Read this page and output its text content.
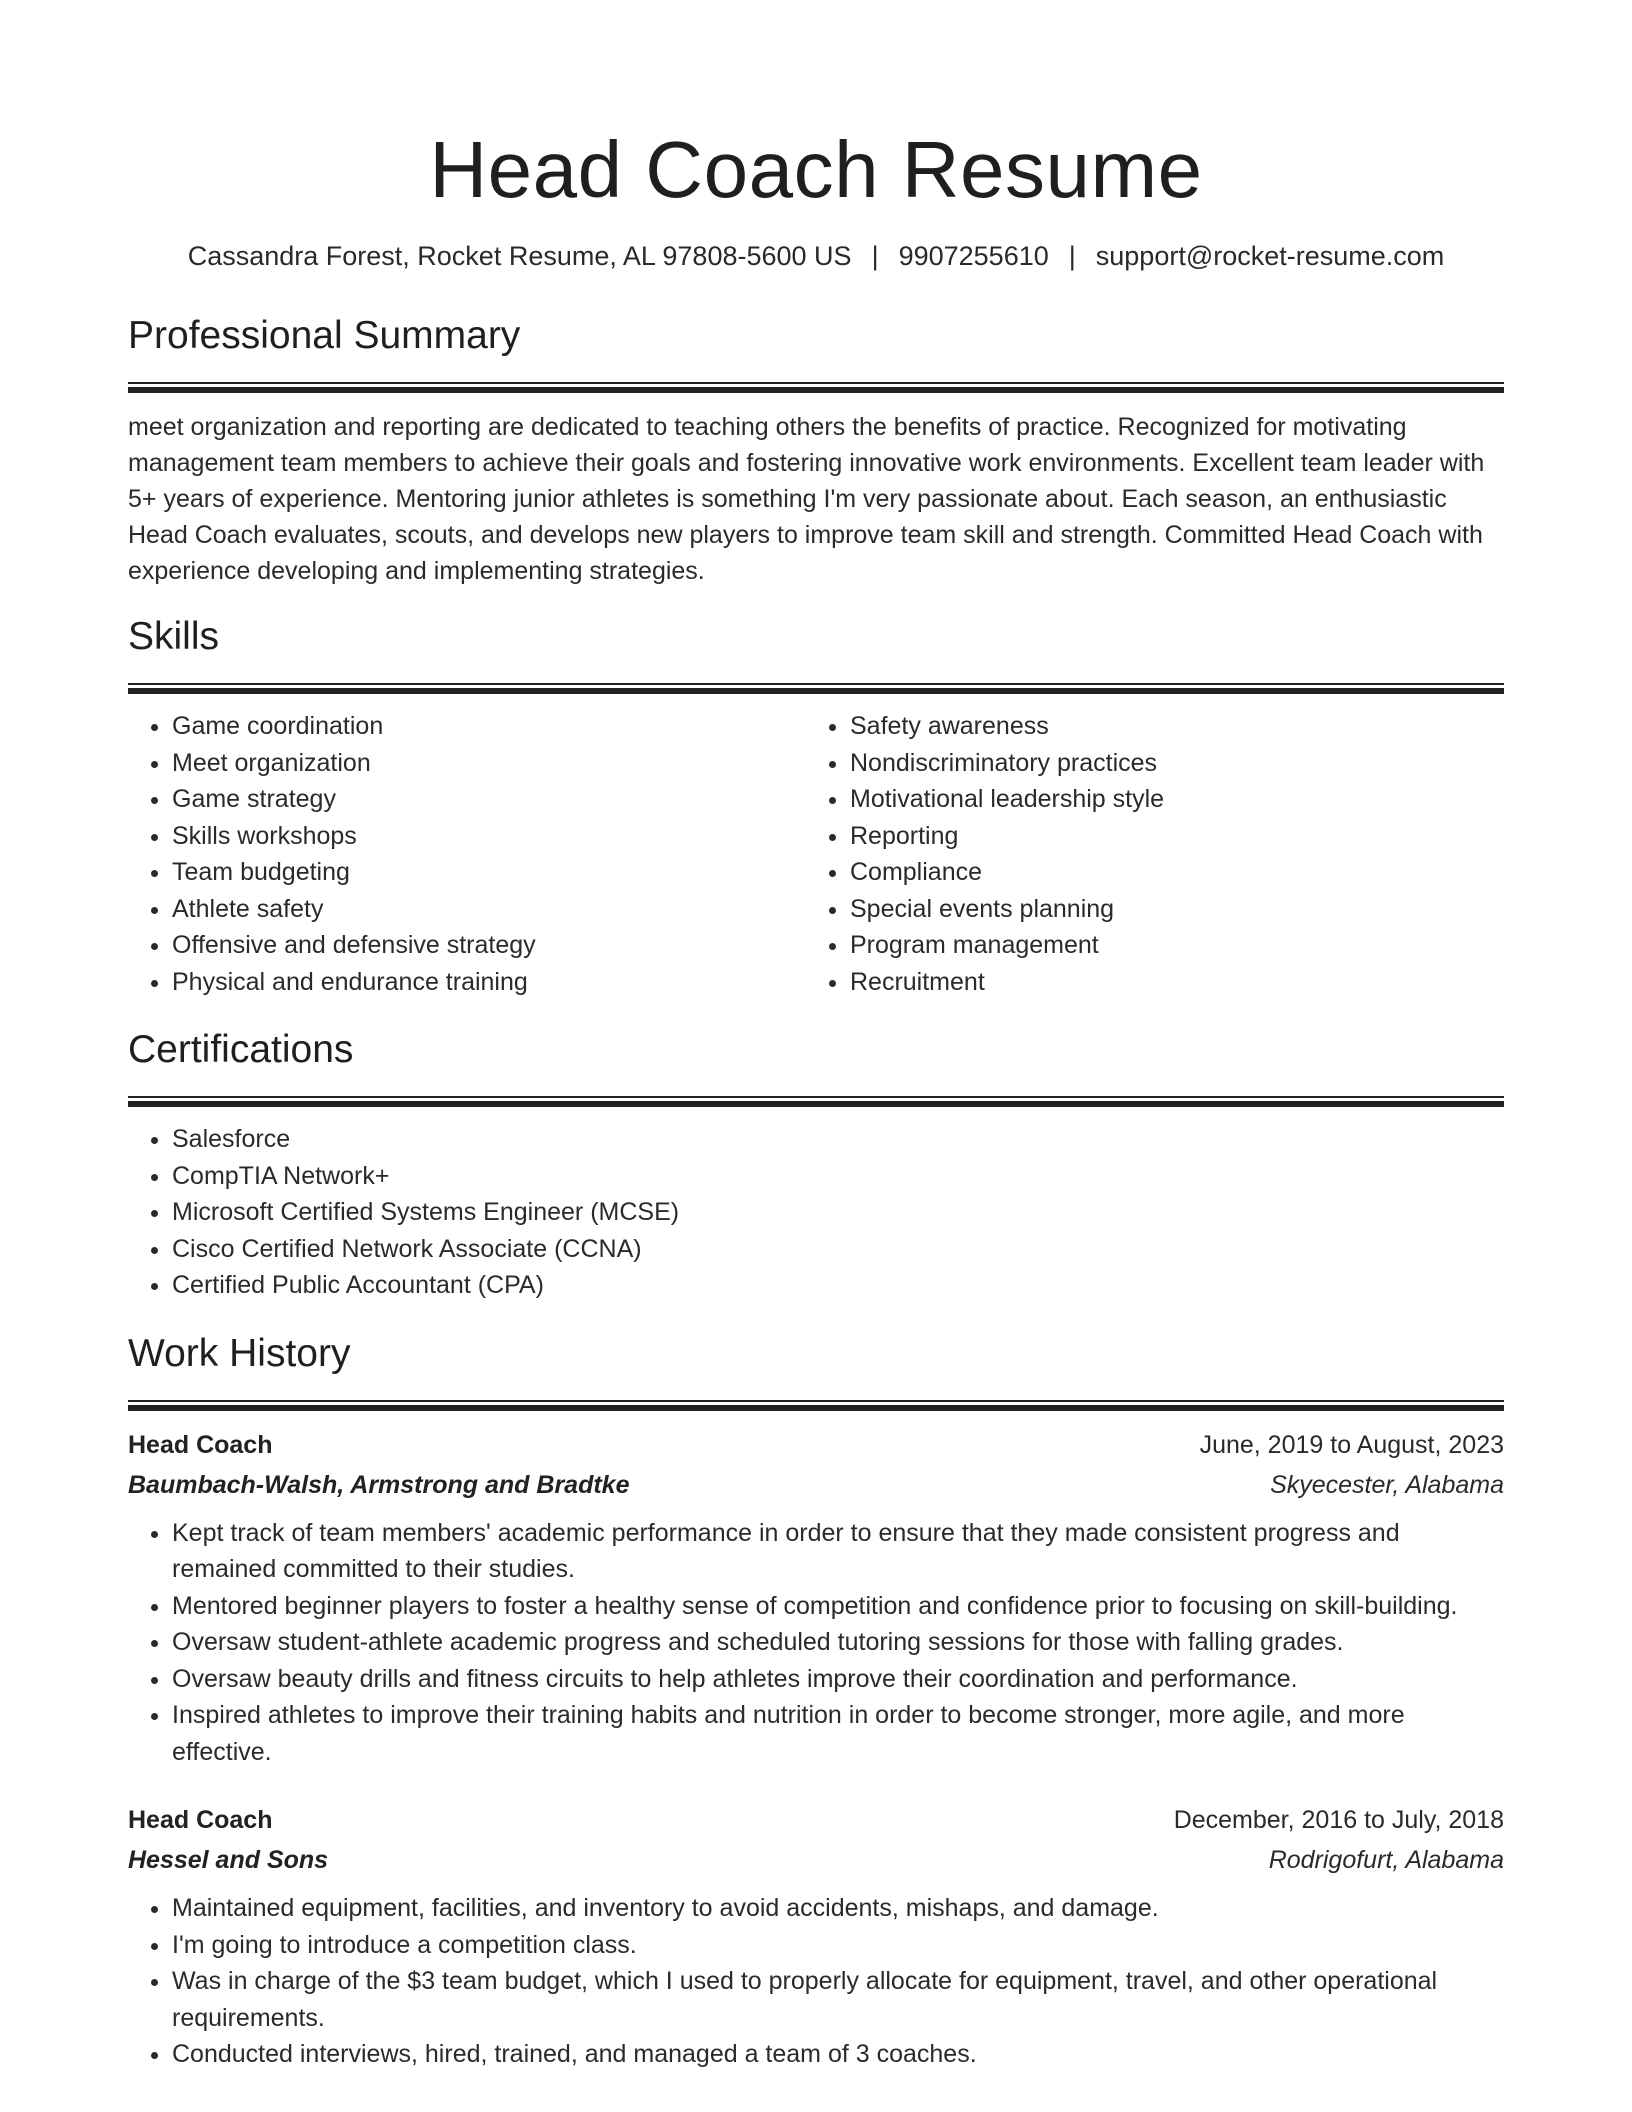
Head Coach Resume
Cassandra Forest, Rocket Resume, AL 97808-5600 US | 9907255610 | support@rocket-resume.com
Professional Summary

meet organization and reporting are dedicated to teaching others the benefits of practice. Recognized for motivating management team members to achieve their goals and fostering innovative work environments. Excellent team leader with 5+ years of experience. Mentoring junior athletes is something I'm very passionate about. Each season, an enthusiastic Head Coach evaluates, scouts, and develops new players to improve team skill and strength. Committed Head Coach with experience developing and implementing strategies.

Skills
• Game coordination
• Meet organization
• Game strategy
• Skills workshops
• Team budgeting
• Athlete safety
• Offensive and defensive strategy
• Physical and endurance training
• Safety awareness
• Nondiscriminatory practices
• Motivational leadership style
• Reporting
• Compliance
• Special events planning
• Program management
• Recruitment
Certifications
• Salesforce
• CompTIA Network+
• Microsoft Certified Systems Engineer (MCSE)
• Cisco Certified Network Associate (CCNA)
• Certified Public Accountant (CPA)
Work History
Head Coach	June, 2019 to August, 2023
Baumbach-Walsh, Armstrong and Bradtke	Skyecester, Alabama
• Kept track of team members' academic performance in order to ensure that they made consistent progress and remained committed to their studies.
• Mentored beginner players to foster a healthy sense of competition and confidence prior to focusing on skill-building.
• Oversaw student-athlete academic progress and scheduled tutoring sessions for those with falling grades.
• Oversaw beauty drills and fitness circuits to help athletes improve their coordination and performance.
• Inspired athletes to improve their training habits and nutrition in order to become stronger, more agile, and more effective.
Head Coach	December, 2016 to July, 2018
Hessel and Sons	Rodrigofurt, Alabama
• Maintained equipment, facilities, and inventory to avoid accidents, mishaps, and damage.
• I'm going to introduce a competition class.
• Was in charge of the $3 team budget, which I used to properly allocate for equipment, travel, and other operational requirements.
• Conducted interviews, hired, trained, and managed a team of 3 coaches.
